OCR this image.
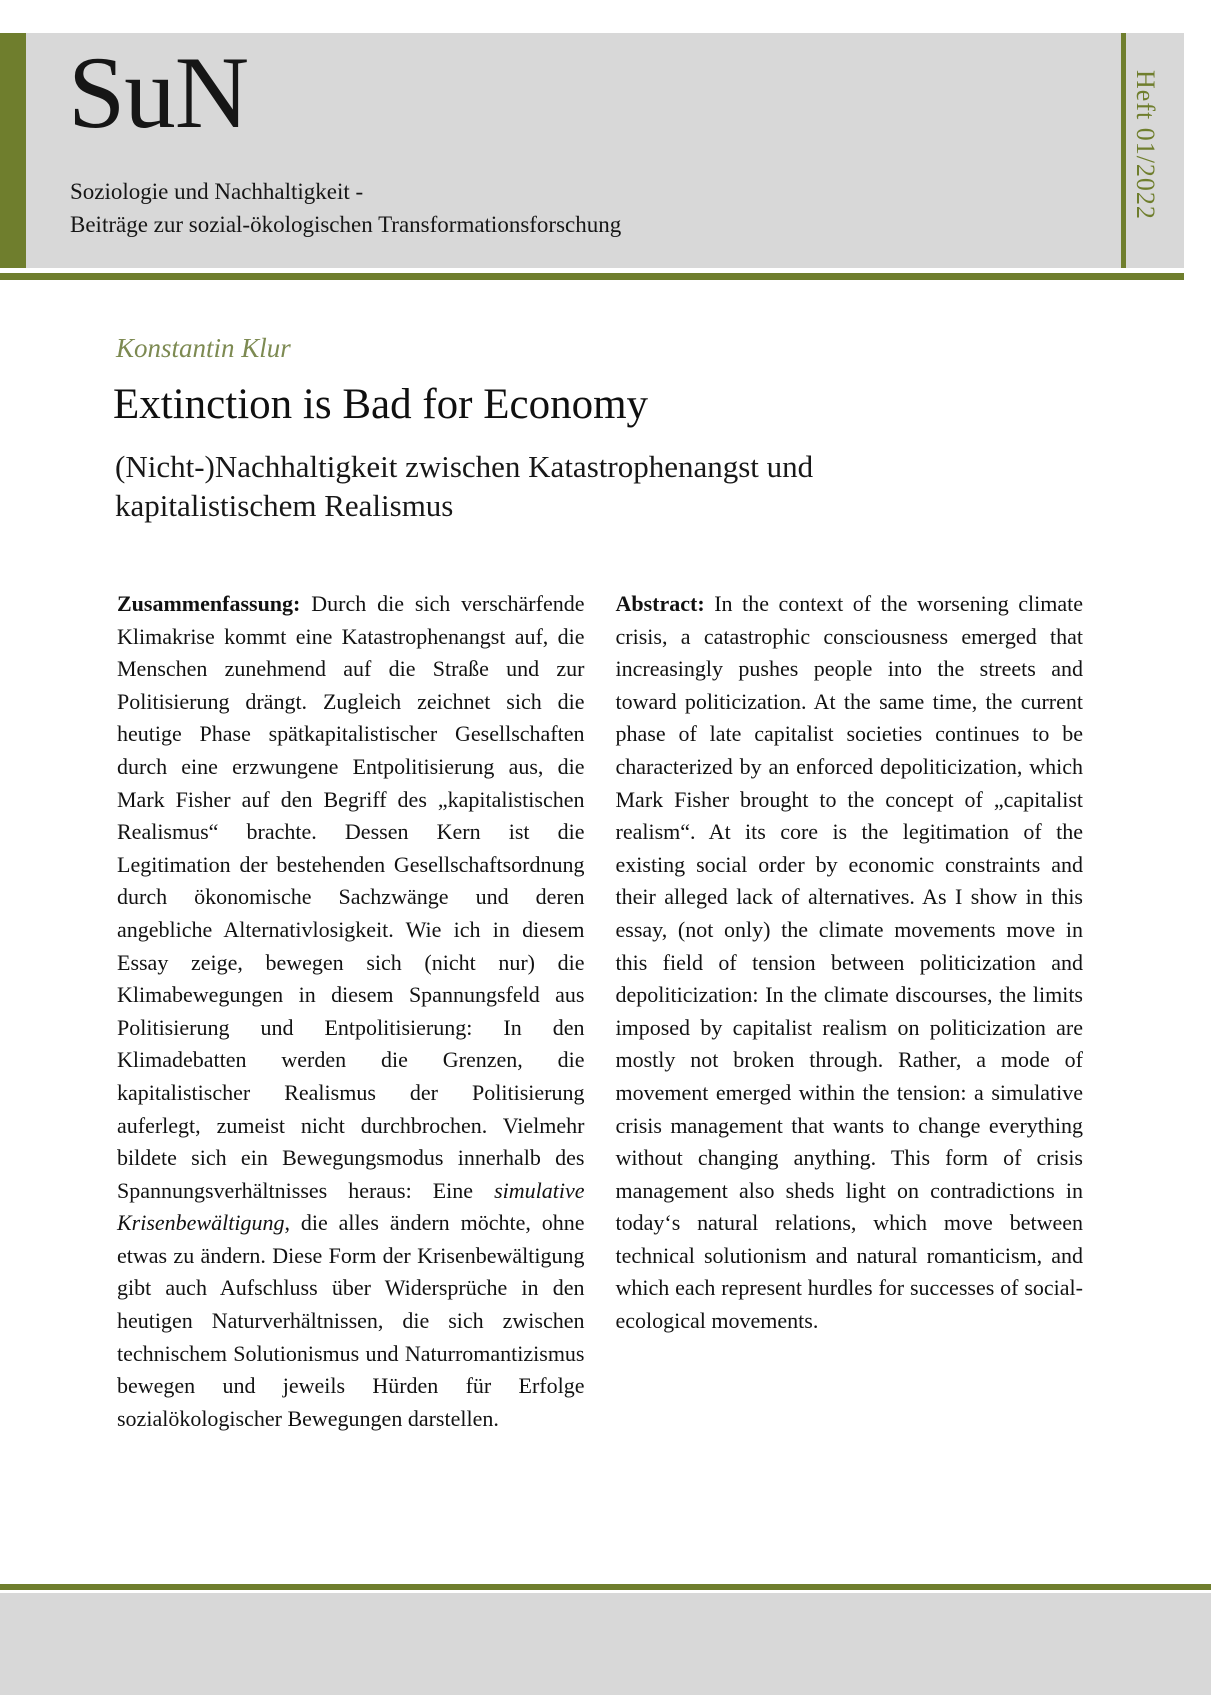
SuN
Soziologie und Nachhaltigkeit -
Beiträge zur sozial-ökologischen Transformationsforschung
Heft 01/2022
Konstantin Klur
Extinction is Bad for Economy
(Nicht-)Nachhaltigkeit zwischen Katastrophenangst und kapitalistischem Realismus
Zusammenfassung: Durch die sich verschärfende Klimakrise kommt eine Katastrophenangst auf, die Menschen zunehmend auf die Straße und zur Politisierung drängt. Zugleich zeichnet sich die heutige Phase spätkapitalistischer Gesellschaften durch eine erzwungene Entpolitisierung aus, die Mark Fisher auf den Begriff des „kapitalistischen Realismus“ brachte. Dessen Kern ist die Legitimation der bestehenden Gesellschaftsordnung durch ökonomische Sachzwänge und deren angebliche Alternativlosigkeit. Wie ich in diesem Essay zeige, bewegen sich (nicht nur) die Klimabewegungen in diesem Spannungsfeld aus Politisierung und Entpolitisierung: In den Klimadebatten werden die Grenzen, die kapitalistischer Realismus der Politisierung auferlegt, zumeist nicht durchbrochen. Vielmehr bildete sich ein Bewegungsmodus innerhalb des Spannungsverhältnisses heraus: Eine simulative Krisenbewältigung, die alles ändern möchte, ohne etwas zu ändern. Diese Form der Krisenbewältigung gibt auch Aufschluss über Widersprüche in den heutigen Naturverhältnissen, die sich zwischen technischem Solutionismus und Naturromantizismus bewegen und jeweils Hürden für Erfolge sozialökologischer Bewegungen darstellen.
Abstract: In the context of the worsening climate crisis, a catastrophic consciousness emerged that increasingly pushes people into the streets and toward politicization. At the same time, the current phase of late capitalist societies continues to be characterized by an enforced depoliticization, which Mark Fisher brought to the concept of „capitalist realism“. At its core is the legitimation of the existing social order by economic constraints and their alleged lack of alternatives. As I show in this essay, (not only) the climate movements move in this field of tension between politicization and depoliticization: In the climate discourses, the limits imposed by capitalist realism on politicization are mostly not broken through. Rather, a mode of movement emerged within the tension: a simulative crisis management that wants to change everything without changing anything. This form of crisis management also sheds light on contradictions in today‘s natural relations, which move between technical solutionism and natural romanticism, and which each represent hurdles for successes of social-ecological movements.
